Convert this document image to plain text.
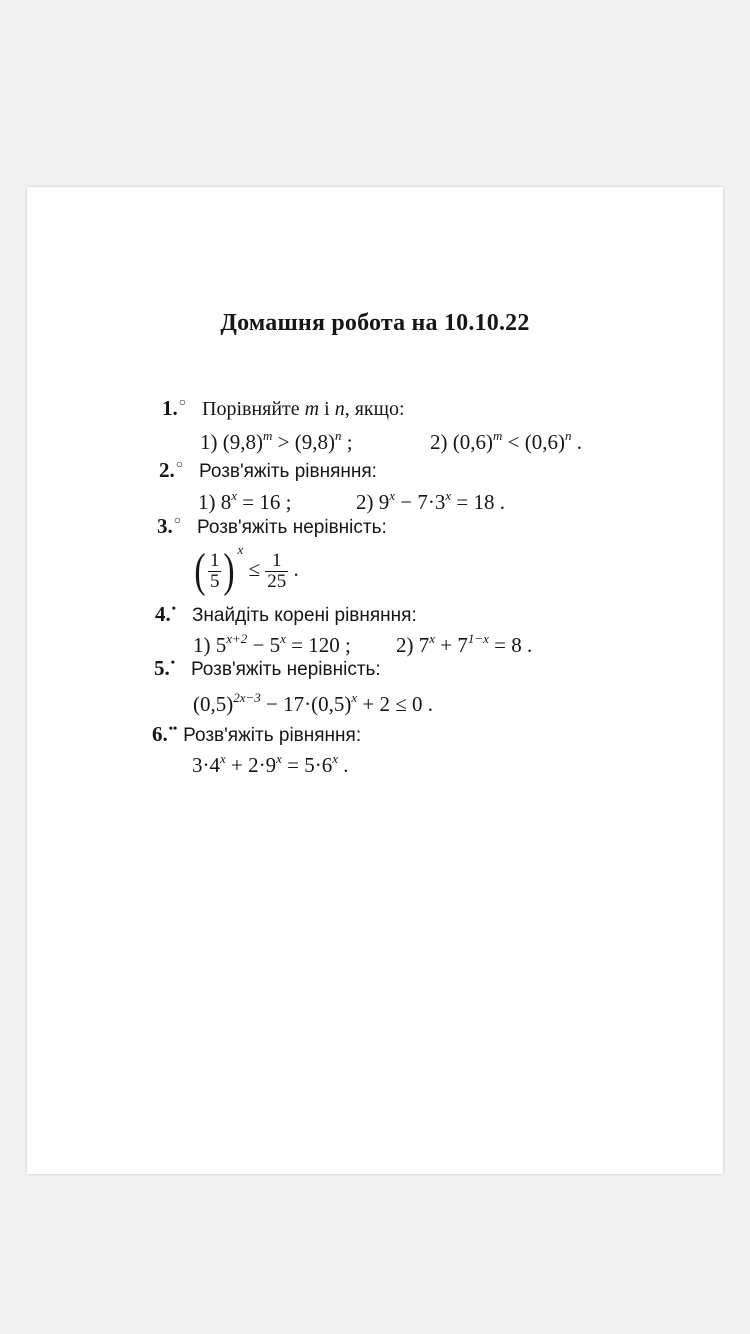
Домашня робота на 10.10.22
1.○ Порівняйте m і n, якщо:
1) $(9,8)^m > (9,8)^n$ ;	2) $(0,6)^m < (0,6)^n$ .
2.○ Розв'яжіть рівняння:
1) $8^x = 16$ ;	2) $9^x - 7\cdot 3^x = 18$ .
3.○ Розв'яжіть нерівність:
( $\frac{1}{5}$ ) $^x \le \frac{1}{25}$ .
4.• Знайдіть корені рівняння:
1) $5^{x+2} - 5^x = 120$ ; 2) $7^x + 7^{1-x} = 8$ .
5.• Розв'яжіть нерівність:
$(0,5)^{2x-3} - 17\cdot(0,5)^x + 2 \le 0$ .
6.•• Розв'яжіть рівняння:
$3\cdot 4^x + 2\cdot 9^x = 5\cdot 6^x$ .
